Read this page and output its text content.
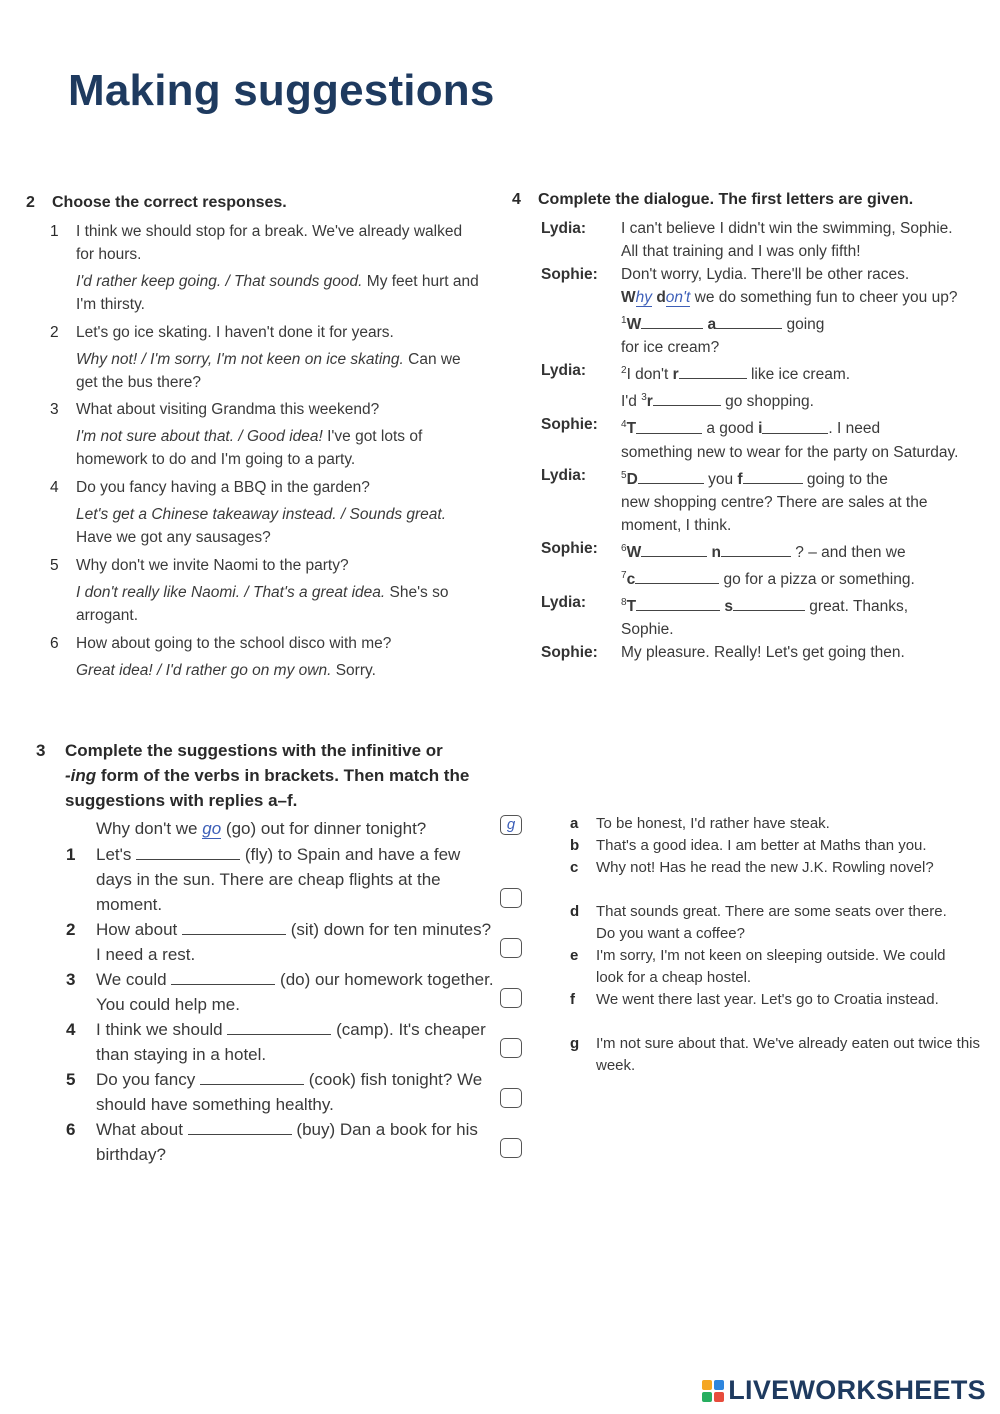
Making suggestions
2 Choose the correct responses.
1	I think we should stop for a break. We've already walked for hours.
I'd rather keep going. / That sounds good. My feet hurt and I'm thirsty.
2	Let's go ice skating. I haven't done it for years.
Why not! / I'm sorry, I'm not keen on ice skating. Can we get the bus there?
3	What about visiting Grandma this weekend?
I'm not sure about that. / Good idea! I've got lots of homework to do and I'm going to a party.
4	Do you fancy having a BBQ in the garden?
Let's get a Chinese takeaway instead. / Sounds great. Have we got any sausages?
5	Why don't we invite Naomi to the party?
I don't really like Naomi. / That's a great idea. She's so arrogant.
6	How about going to the school disco with me?
Great idea! / I'd rather go on my own. Sorry.
4 Complete the dialogue. The first letters are given.
Lydia: I can't believe I didn't win the swimming, Sophie. All that training and I was only fifth!
Sophie: Don't worry, Lydia. There'll be other races.
Why don't we do something fun to cheer you up? $^1$W	a	going
for ice cream?
Lydia:	$^2$I don't r	like ice cream.
I'd $^3$r	go shopping.
Sophie: $^4$T	a good i	. I need
something new to wear for the party on Saturday.
Lydia:	$^5$D	you f	going to the
new shopping centre? There are sales at the moment, I think.
Sophie: $^6$W	n	? – and then we
$^7$c	go for a pizza or something.
Lydia:	$^8$T	s	great. Thanks,
Sophie.
Sophie: My pleasure. Really! Let's get going then.
3 Complete the suggestions with the infinitive or
-ing form of the verbs in brackets. Then match the suggestions with replies a–f.
Why don't we go (go) out for dinner tonight?	g
1	Let's	(fly) to Spain and have a few days in the sun. There are cheap flights at the moment.
2	How about	(sit) down for ten minutes? I need a rest.
3	We could	(do) our homework together. You could help me.
4	I think we should	(camp). It's cheaper than staying in a hotel.
5	Do you fancy	(cook) fish tonight? We should have something healthy.
6	What about	(buy) Dan a book for his birthday?
a To be honest, I'd rather have steak.
b That's a good idea. I am better at Maths than you.
c Why not! Has he read the new J.K. Rowling novel?
d That sounds great. There are some seats over there. Do you want a coffee?
e I'm sorry, I'm not keen on sleeping outside. We could look for a cheap hostel.
f We went there last year. Let's go to Croatia instead.
g I'm not sure about that. We've already eaten out twice this week.
LIVEWORKSHEETS
